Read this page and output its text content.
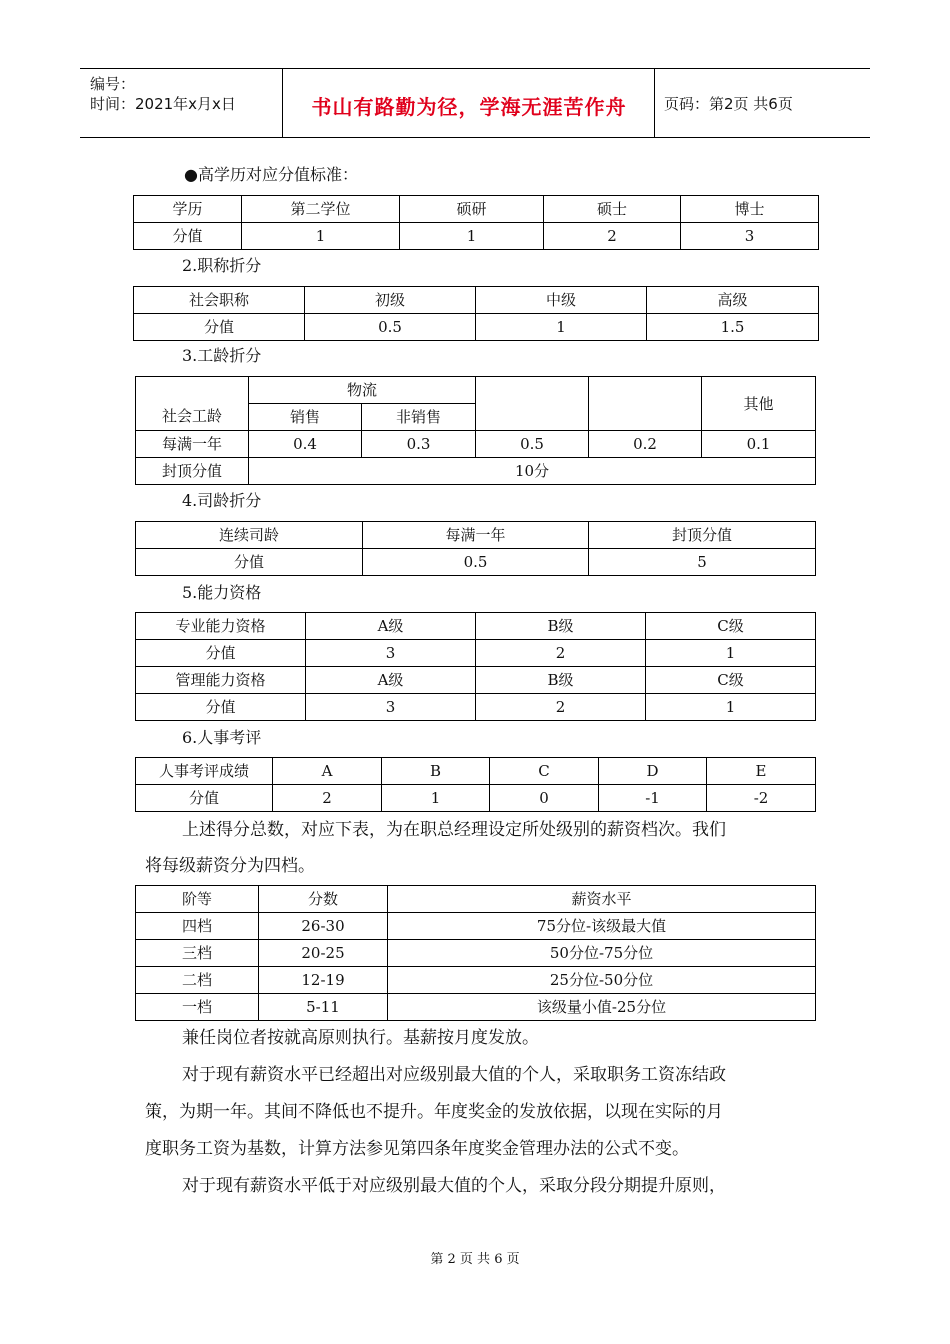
编号：
时间：2021年x月x日	书山有路勤为径，学海无涯苦作舟	页码：第2页 共6页
●高学历对应分值标准：
学历	第二学位	硕研	硕士	博士
分值	1	1	2	3
2.职称折分
社会职称	初级	中级	高级
分值	0.5	1	1.5
3.工龄折分
社会工龄	物流				其他
	销售	非销售			
每满一年	0.4	0.3	0.5	0.2	0.1
封顶分值	10分				
4.司龄折分
连续司龄	每满一年	封顶分值
分值	0.5	5
5.能力资格
专业能力资格	A级	B级	C级
分值	3	2	1
管理能力资格	A级	B级	C级
分值	3	2	1
6.人事考评
人事考评成绩	A	B	C	D	E
分值	2	1	0	-1	-2
上述得分总数，对应下表，为在职总经理设定所处级别的薪资档次。我们
将每级薪资分为四档。
阶等	分数	薪资水平
四档	26-30	75分位-该级最大值
三档	20-25	50分位-75分位
二档	12-19	25分位-50分位
一档	5-11	该级量小值-25分位
兼任岗位者按就高原则执行。基薪按月度发放。
对于现有薪资水平已经超出对应级别最大值的个人，采取职务工资冻结政
策，为期一年。其间不降低也不提升。年度奖金的发放依据，以现在实际的月
度职务工资为基数，计算方法参见第四条年度奖金管理办法的公式不变。
对于现有薪资水平低于对应级别最大值的个人，采取分段分期提升原则，
第 2 页 共 6 页
